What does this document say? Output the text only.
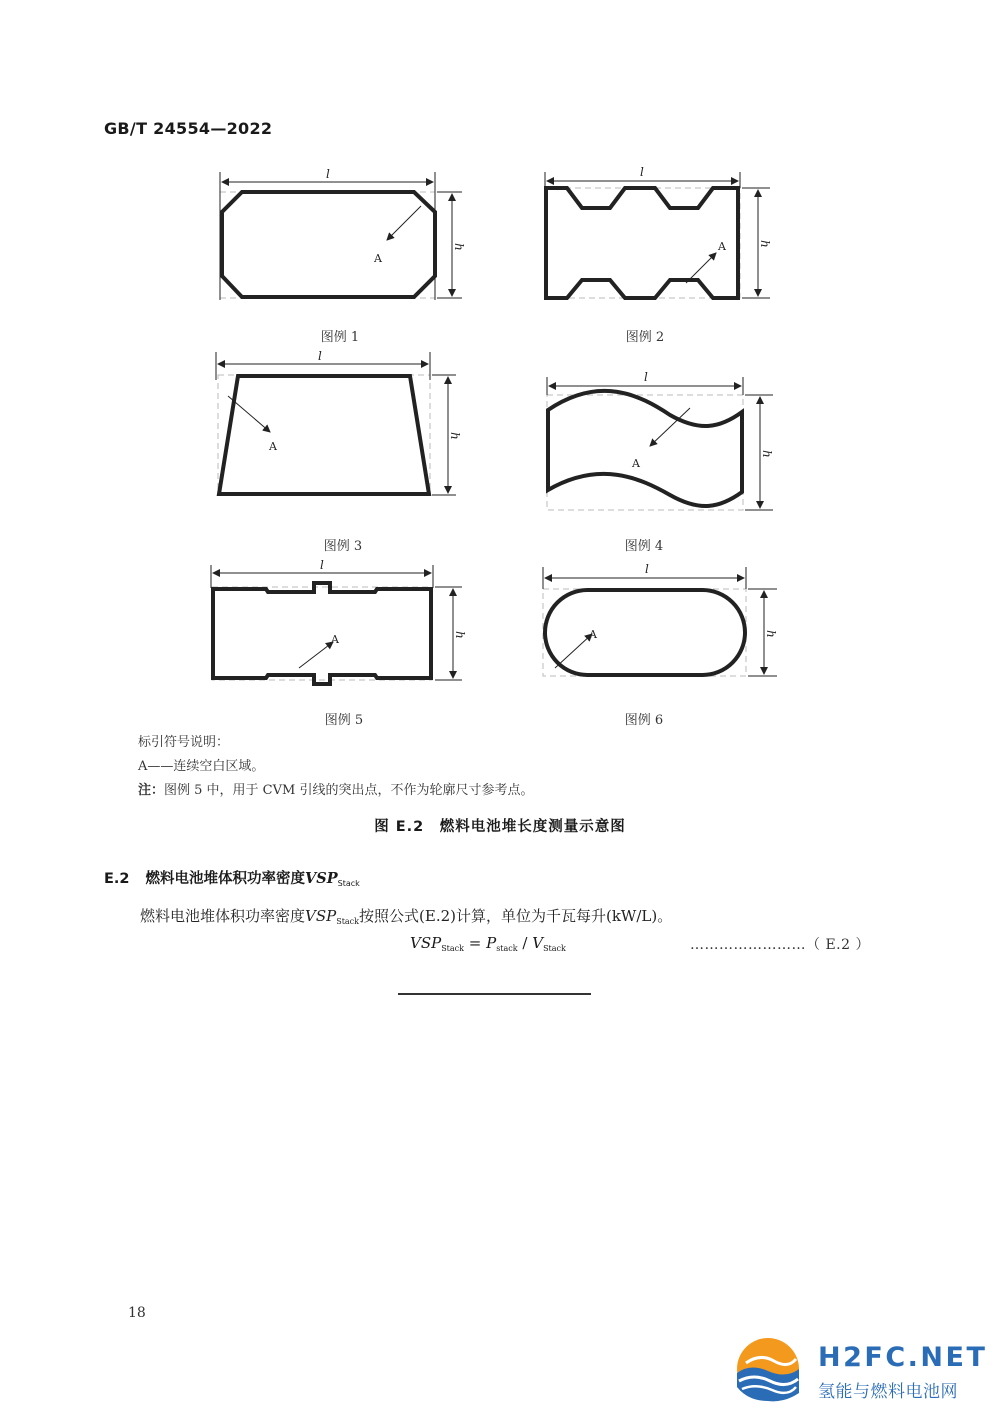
GB/T 24554—2022
l	l
l
l
l	l
h	h
h
h
h	h
A
A
A
A
A	A
图例 1	图例 2
图例 3	图例 4
图例 5	图例 6
标引符号说明：
A——连续空白区域。
注：图例 5 中，用于 CVM 引线的突出点，不作为轮廓尺寸参考点。
图 E.2　燃料电池堆长度测量示意图
E.2 燃料电池堆体积功率密度$VSP_{Stack}$
燃料电池堆体积功率密度$VSP_{Stack}$按照公式(E.2)计算，单位为千瓦每升(kW/L)。
$VSP_{Stack} = P_{stack} / V_{Stack}$	……………………（ E.2 ）
18
H2FC.NET
氢能与燃料电池网
